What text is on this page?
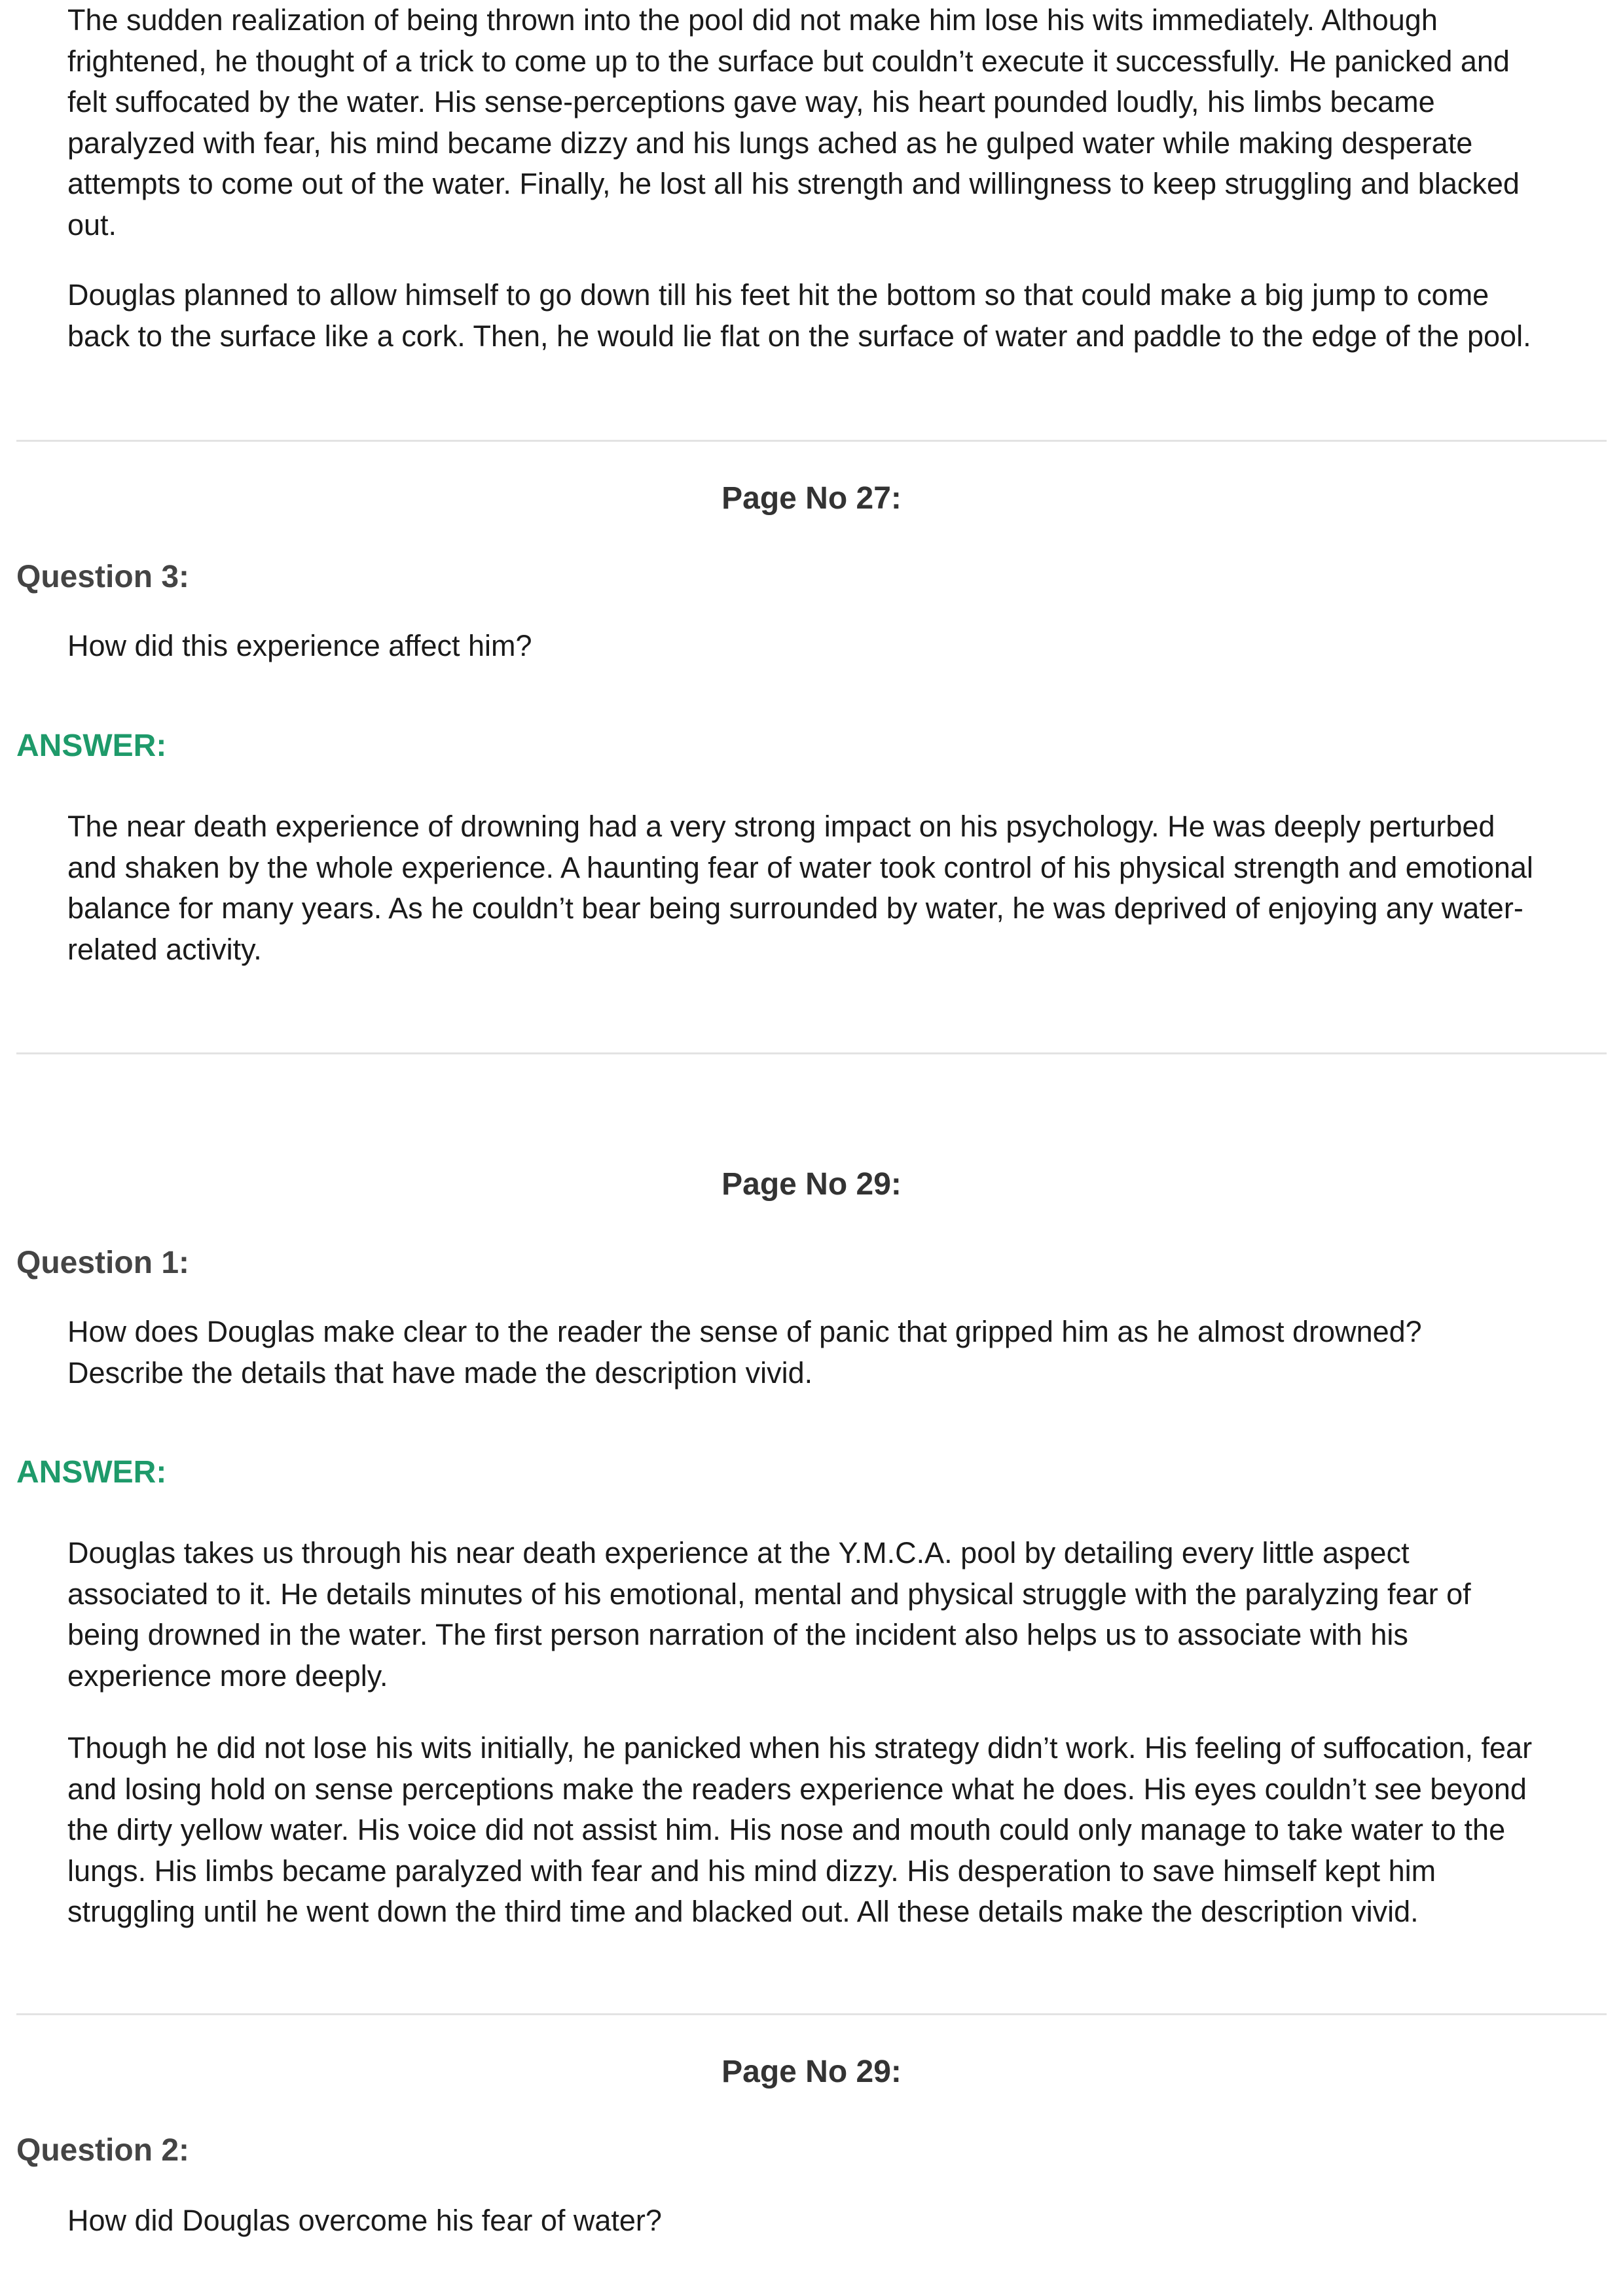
The sudden realization of being thrown into the pool did not make him lose his wits immediately. Although
frightened, he thought of a trick to come up to the surface but couldn’t execute it successfully. He panicked and
felt suffocated by the water. His sense-perceptions gave way, his heart pounded loudly, his limbs became
paralyzed with fear, his mind became dizzy and his lungs ached as he gulped water while making desperate
attempts to come out of the water. Finally, he lost all his strength and willingness to keep struggling and blacked
out.

Douglas planned to allow himself to go down till his feet hit the bottom so that could make a big jump to come
back to the surface like a cork. Then, he would lie flat on the surface of water and paddle to the edge of the pool.

Page No 27:
Question 3:

How did this experience affect him?

ANSWER:

The near death experience of drowning had a very strong impact on his psychology. He was deeply perturbed
and shaken by the whole experience. A haunting fear of water took control of his physical strength and emotional
balance for many years. As he couldn’t bear being surrounded by water, he was deprived of enjoying any water-
related activity.

Page No 29:
Question 1:

How does Douglas make clear to the reader the sense of panic that gripped him as he almost drowned?
Describe the details that have made the description vivid.

ANSWER:

Douglas takes us through his near death experience at the Y.M.C.A. pool by detailing every little aspect
associated to it. He details minutes of his emotional, mental and physical struggle with the paralyzing fear of
being drowned in the water. The first person narration of the incident also helps us to associate with his
experience more deeply.

Though he did not lose his wits initially, he panicked when his strategy didn’t work. His feeling of suffocation, fear
and losing hold on sense perceptions make the readers experience what he does. His eyes couldn’t see beyond
the dirty yellow water. His voice did not assist him. His nose and mouth could only manage to take water to the
lungs. His limbs became paralyzed with fear and his mind dizzy. His desperation to save himself kept him
struggling until he went down the third time and blacked out. All these details make the description vivid.

Page No 29:
Question 2:

How did Douglas overcome his fear of water?
